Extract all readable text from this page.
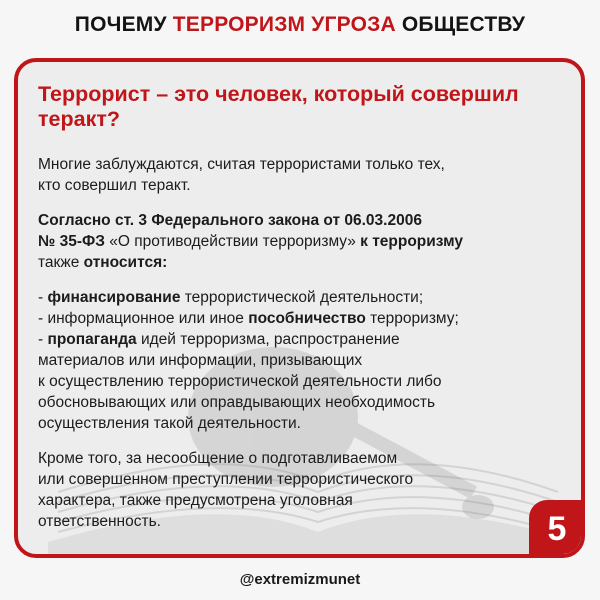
ПОЧЕМУ ТЕРРОРИЗМ УГРОЗА ОБЩЕСТВУ
Террорист – это человек, который совершил
теракт?

Многие заблуждаются, считая террористами только тех,
кто совершил теракт.

Согласно ст. 3 Федерального закона от 06.03.2006
№ 35-ФЗ «О противодействии терроризму» к терроризму
также относится:

- финансирование террористической деятельности;
- информационное или иное пособничество терроризму;
- пропаганда идей терроризма, распространение
материалов или информации, призывающих
к осуществлению террористической деятельности либо
обосновывающих или оправдывающих необходимость
осуществления такой деятельности.

Кроме того, за несообщение о подготавливаемом
или совершенном преступлении террористического
характера, также предусмотрена уголовная
ответственность.	5
@extremizmunet
